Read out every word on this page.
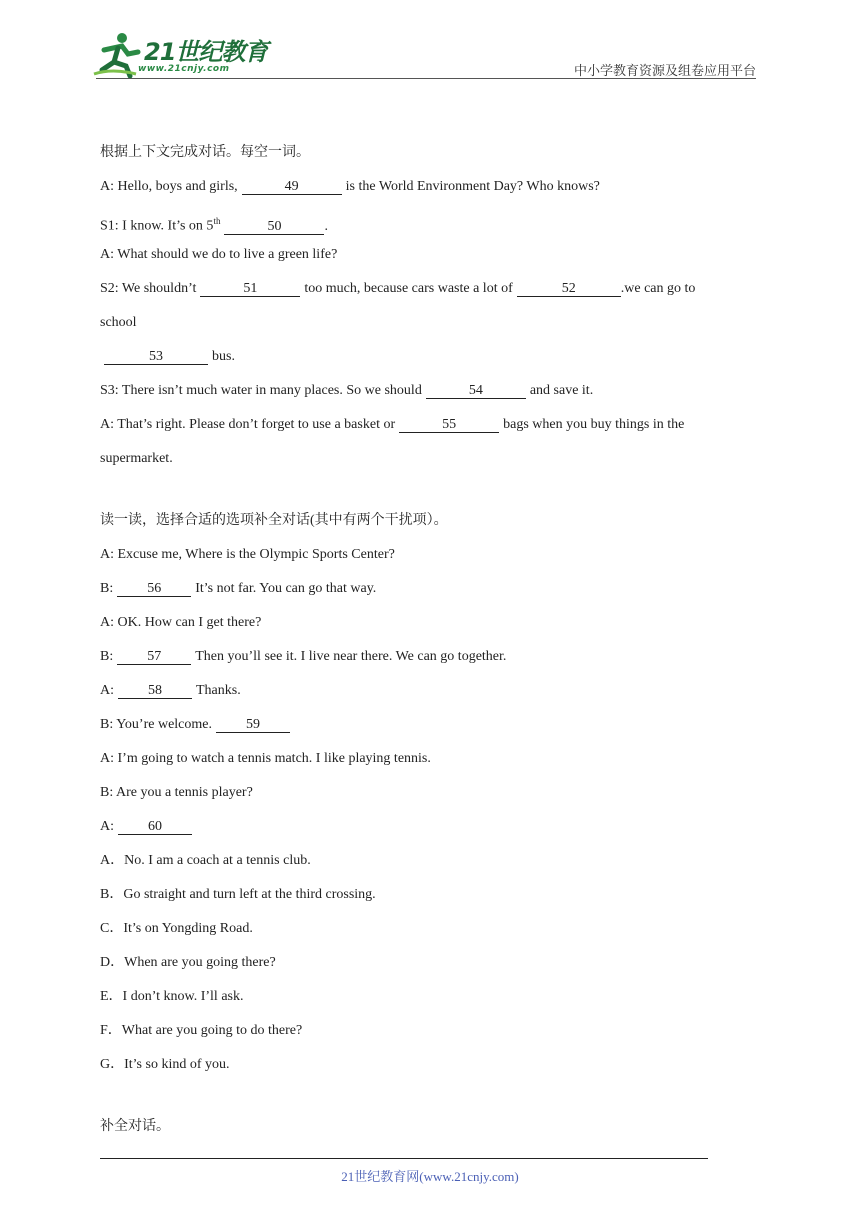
21世纪教育
www.21cnjy.com	中小学教育资源及组卷应用平台
根据上下文完成对话。每空一词。
A: Hello, boys and girls,	49	is the World Environment Day? Who knows?
S1: I know. It’s on 5th	50	.
A: What should we do to live a green life?
S2: We shouldn’t	51	too much, because cars waste a lot of	52	.we can go to
school
53	bus.
S3: There isn’t much water in many places. So we should	54	and save it.
A: That’s right. Please don’t forget to use a basket or	55	bags when you buy things in the
supermarket.
读一读，选择合适的选项补全对话(其中有两个干扰项）。
A: Excuse me, Where is the Olympic Sports Center?
B: 56 It’s not far. You can go that way.
A: OK. How can I get there?
B: 57 Then you’ll see it. I live near there. We can go together.
A: 58 Thanks.
B: You’re welcome. 59
A: I’m going to watch a tennis match. I like playing tennis.
B: Are you a tennis player?
A: 60
A．No. I am a coach at a tennis club.
B．Go straight and turn left at the third crossing.
C．It’s on Yongding Road.
D．When are you going there?
E．I don’t know. I’ll ask.
F．What are you going to do there?
G．It’s so kind of you.
补全对话。
21世纪教育网(www.21cnjy.com)
